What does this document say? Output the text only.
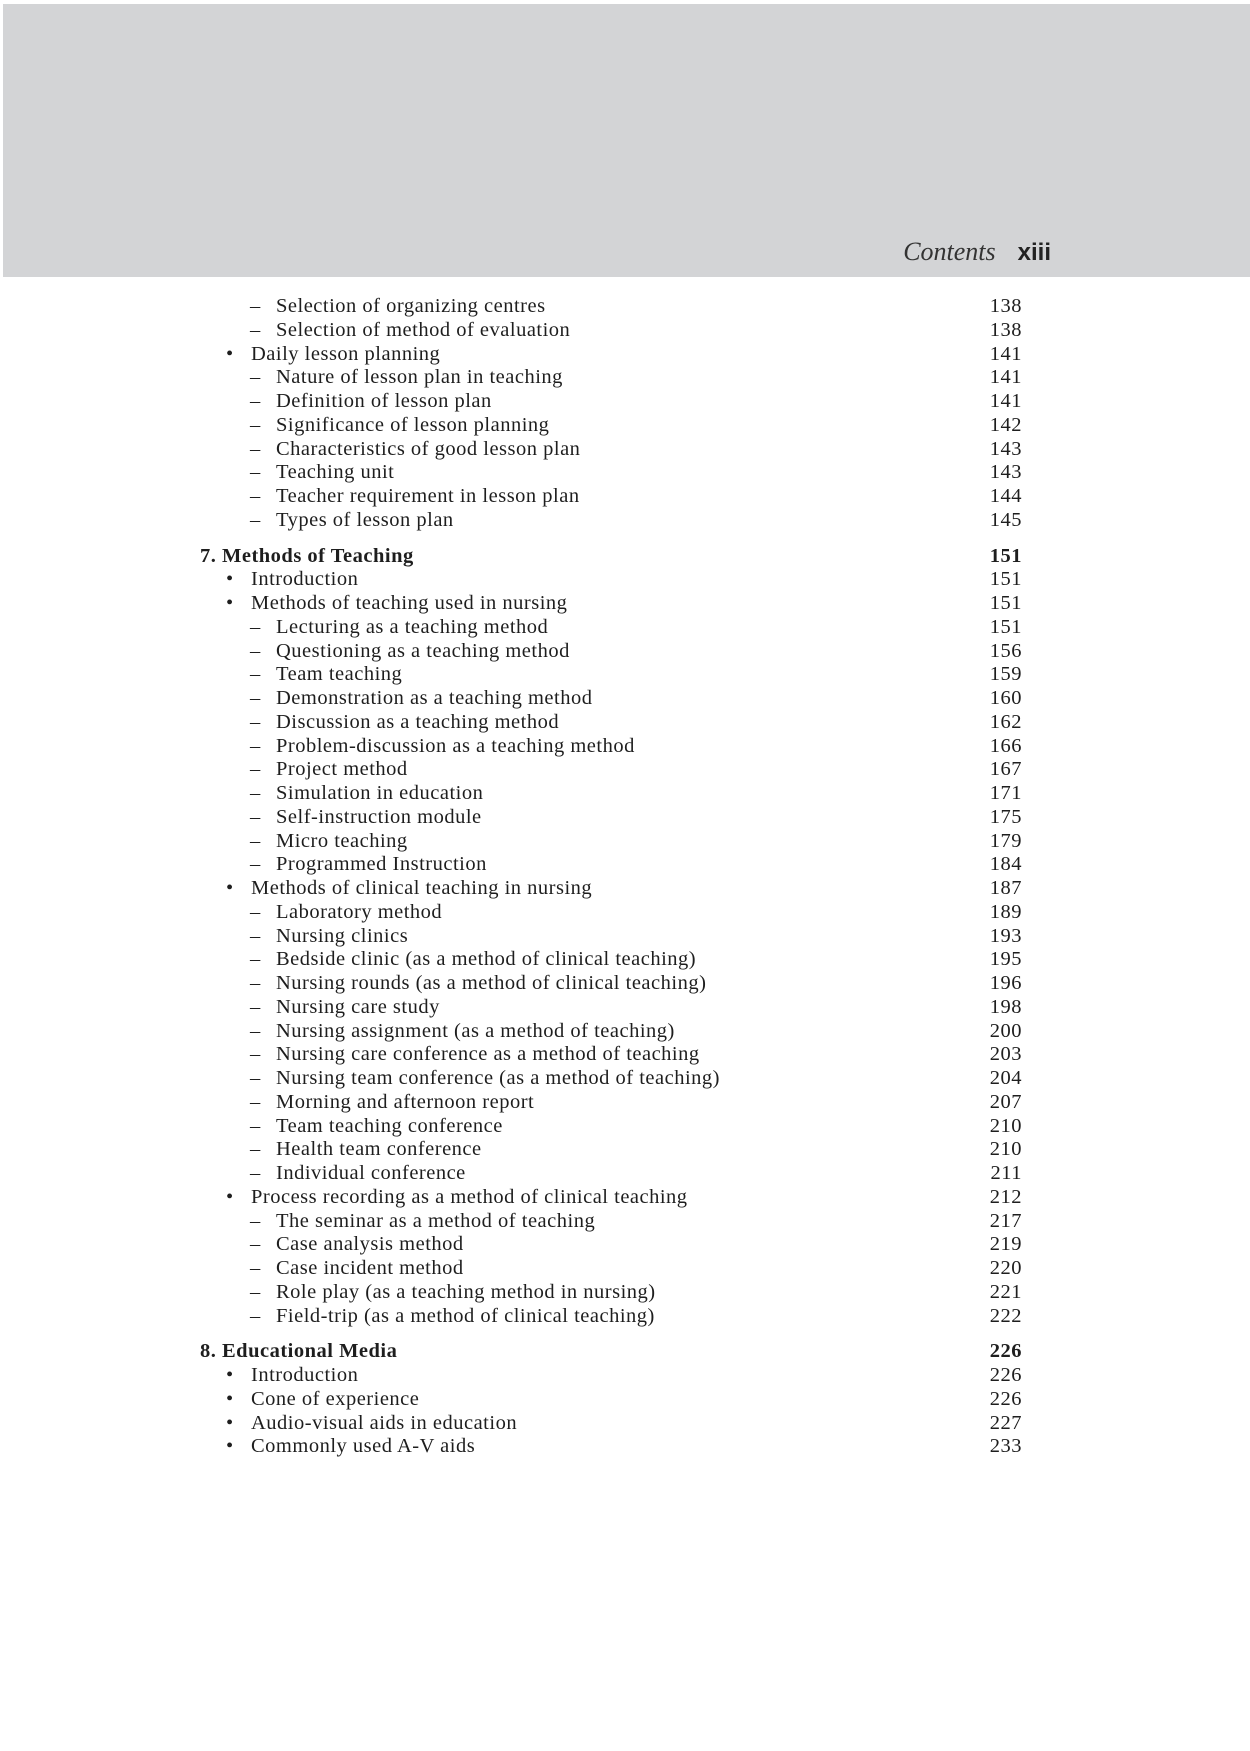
Contents xiii
– Selection of organizing centres	138
– Selection of method of evaluation	138
• Daily lesson planning	141
– Nature of lesson plan in teaching	141
– Definition of lesson plan	141
– Significance of lesson planning	142
– Characteristics of good lesson plan	143
– Teaching unit	143
– Teacher requirement in lesson plan	144
– Types of lesson plan	145
7. Methods of Teaching	151
• Introduction	151
• Methods of teaching used in nursing	151
– Lecturing as a teaching method	151
– Questioning as a teaching method	156
– Team teaching	159
– Demonstration as a teaching method	160
– Discussion as a teaching method	162
– Problem-discussion as a teaching method	166
– Project method	167
– Simulation in education	171
– Self-instruction module	175
– Micro teaching	179
– Programmed Instruction	184
• Methods of clinical teaching in nursing	187
– Laboratory method	189
– Nursing clinics	193
– Bedside clinic (as a method of clinical teaching)	195
– Nursing rounds (as a method of clinical teaching)	196
– Nursing care study	198
– Nursing assignment (as a method of teaching)	200
– Nursing care conference as a method of teaching	203
– Nursing team conference (as a method of teaching)	204
– Morning and afternoon report	207
– Team teaching conference	210
– Health team conference	210
– Individual conference	211
• Process recording as a method of clinical teaching	212
– The seminar as a method of teaching	217
– Case analysis method	219
– Case incident method	220
– Role play (as a teaching method in nursing)	221
– Field-trip (as a method of clinical teaching)	222
8. Educational Media	226
• Introduction	226
• Cone of experience	226
• Audio-visual aids in education	227
• Commonly used A-V aids	233
